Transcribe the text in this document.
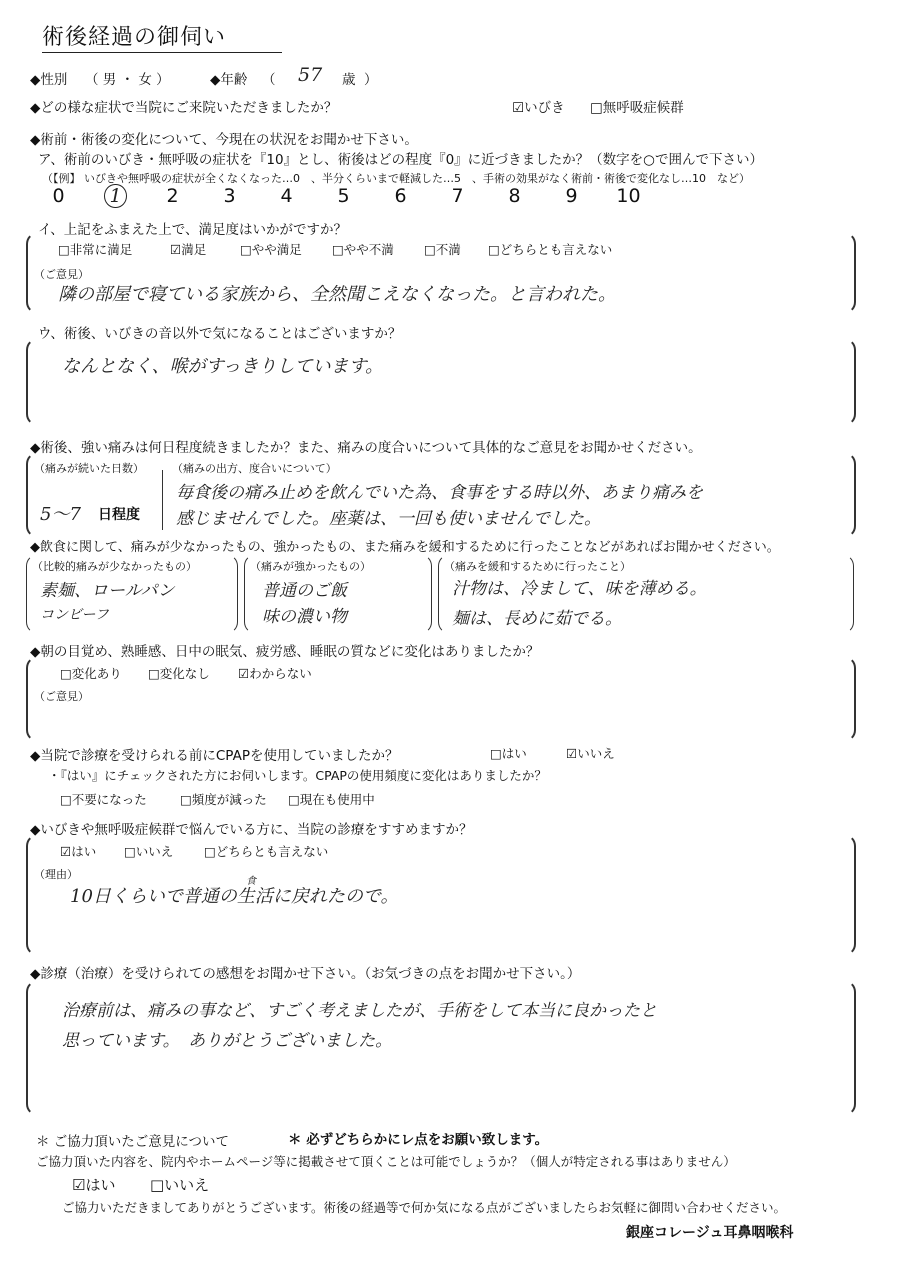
術後経過の御伺い
◆性別 （ 男 ・ 女 ）	◆年齢 （ 57 歳 ）
◆どの様な症状で当院にご来院いただきましたか？	☑いびき □無呼吸症候群
◆術前・術後の変化について、今現在の状況をお聞かせ下さい。
ア、術前のいびき・無呼吸の症状を『10』とし、術後はどの程度『0』に近づきましたか？（数字を○で囲んで下さい）
（【例】 いびきや無呼吸の症状が全くなくなった…0　、半分くらいまで軽減した…5　、手術の効果がなく術前・術後で変化なし…10　など）
0 1 2 3 4 5 6 7 8 9 10
イ、上記をふまえた上で、満足度はいかがですか？
□非常に満足	☑満足	□やや満足 □やや不満 □不満 □どちらとも言えない
（ご意見）
隣の部屋で寝ている家族から、全然聞こえなくなった。と言われた。
ウ、術後、いびきの音以外で気になることはございますか？
なんとなく、喉がすっきりしています。
◆術後、強い痛みは何日程度続きましたか？また、痛みの度合いについて具体的なご意見をお聞かせください。
（痛みが続いた日数）
5〜7 日程度
（痛みの出方、度合いについて）
毎食後の痛み止めを飲んでいた為、食事をする時以外、あまり痛みを
感じませんでした。座薬は、一回も使いませんでした。
◆飲食に関して、痛みが少なかったもの、強かったもの、また痛みを緩和するために行ったことなどがあればお聞かせください。
（比較的痛みが少なかったもの）
素麺、ロールパン
コンビーフ
（痛みが強かったもの）
普通のご飯
味の濃い物
（痛みを緩和するために行ったこと）
汁物は、冷まして、味を薄める。
麺は、長めに茹でる。
◆朝の目覚め、熟睡感、日中の眠気、疲労感、睡眠の質などに変化はありましたか？
□変化あり □変化なし ☑わからない
（ご意見）
◆当院で診療を受けられる前にCPAPを使用していましたか？	□はい	☑いいえ
・『はい』にチェックされた方にお伺いします。CPAPの使用頻度に変化はありましたか？
□不要になった	□頻度が減った □現在も使用中
◆いびきや無呼吸症候群で悩んでいる方に、当院の診療をすすめますか？
☑はい □いいえ □どちらとも言えない
（理由）
食
10日くらいで普通の生活に戻れたので。
◆診療（治療）を受けられての感想をお聞かせ下さい。（お気づきの点をお聞かせ下さい。）
治療前は、痛みの事など、すごく考えましたが、手術をして本当に良かったと
思っています。　ありがとうございました。
＊ ご協力頂いたご意見について	＊ 必ずどちらかにレ点をお願い致します。
ご協力頂いた内容を、院内やホームページ等に掲載させて頂くことは可能でしょうか？（個人が特定される事はありません）
☑はい □いいえ
ご協力いただきましてありがとうございます。術後の経過等で何か気になる点がございましたらお気軽に御問い合わせください。
銀座コレージュ耳鼻咽喉科
